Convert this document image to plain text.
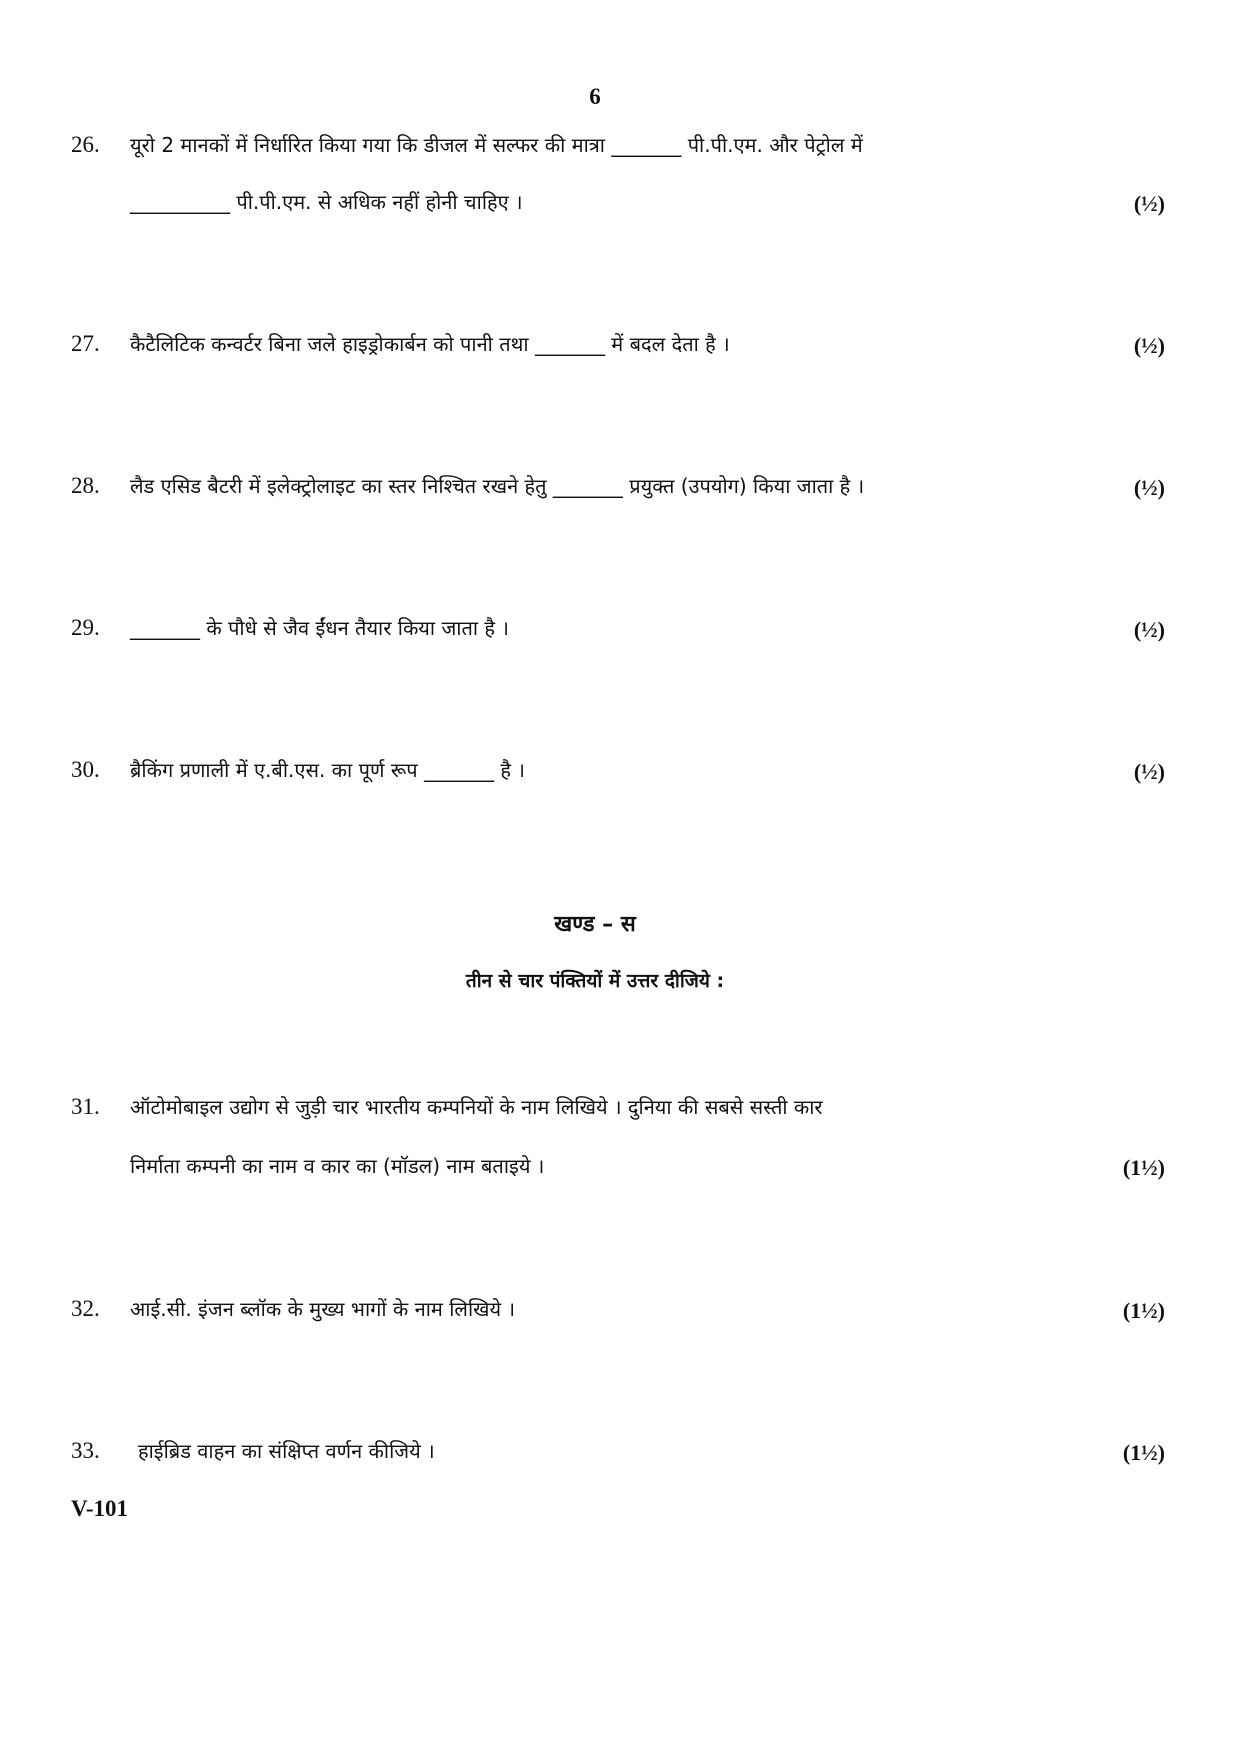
6
26. यूरो 2 मानकों में निर्धारित किया गया कि डीजल में सल्फर की मात्रा _______ पी.पी.एम. और पेट्रोल में
__________ पी.पी.एम. से अधिक नहीं होनी चाहिए ।	(½)
27. कैटैलिटिक कन्वर्टर बिना जले हाइड्रोकार्बन को पानी तथा _______ में बदल देता है ।	(½)
28. लैड एसिड बैटरी में इलेक्ट्रोलाइट का स्तर निश्चित रखने हेतु _______ प्रयुक्त (उपयोग) किया जाता है ।	(½)
29. _______ के पौधे से जैव ईंधन तैयार किया जाता है ।	(½)
30. ब्रैकिंग प्रणाली में ए.बी.एस. का पूर्ण रूप _______ है ।	(½)
खण्ड – स
तीन से चार पंक्तियों में उत्तर दीजिये :
31. ऑटोमोबाइल उद्योग से जुड़ी चार भारतीय कम्पनियों के नाम लिखिये । दुनिया की सबसे सस्ती कार
निर्माता कम्पनी का नाम व कार का (मॉडल) नाम बताइये ।	(1½)
32. आई.सी. इंजन ब्लॉक के मुख्य भागों के नाम लिखिये ।	(1½)
33. हाईब्रिड वाहन का संक्षिप्त वर्णन कीजिये ।	(1½)
V-101
